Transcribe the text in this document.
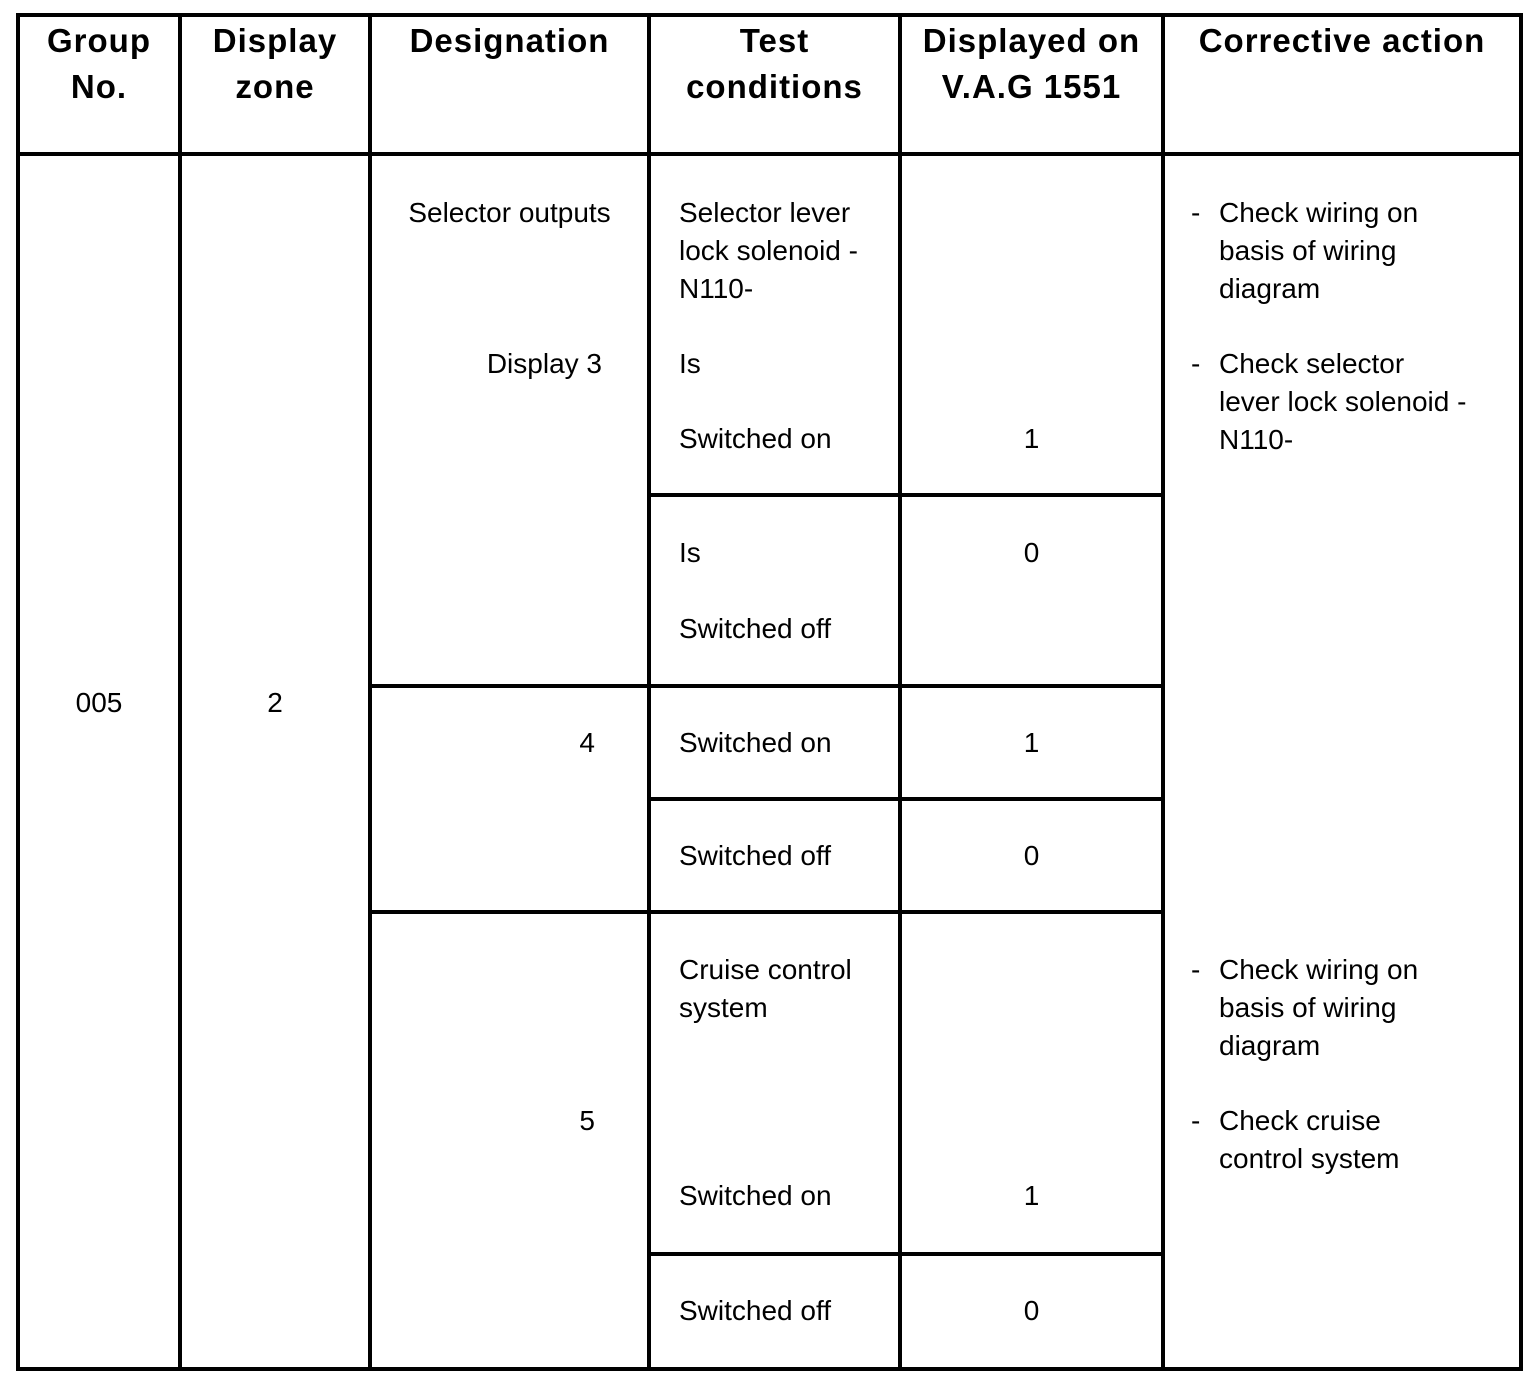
Group
No.
Display
zone
Designation	Test
conditions
Displayed on
V.A.G 1551
Corrective action
005	2
Selector outputs
Display 3
4
5
Selector lever
lock solenoid -
N110-
Is
Switched on
Is
Switched off
Switched on
Switched off
Cruise control
system
Switched on
Switched off
1
0
1
0
1
0
- Check wiring on
basis of wiring
diagram
- Check selector
lever lock solenoid -
N110-
- Check wiring on
basis of wiring
diagram
- Check cruise
control system
